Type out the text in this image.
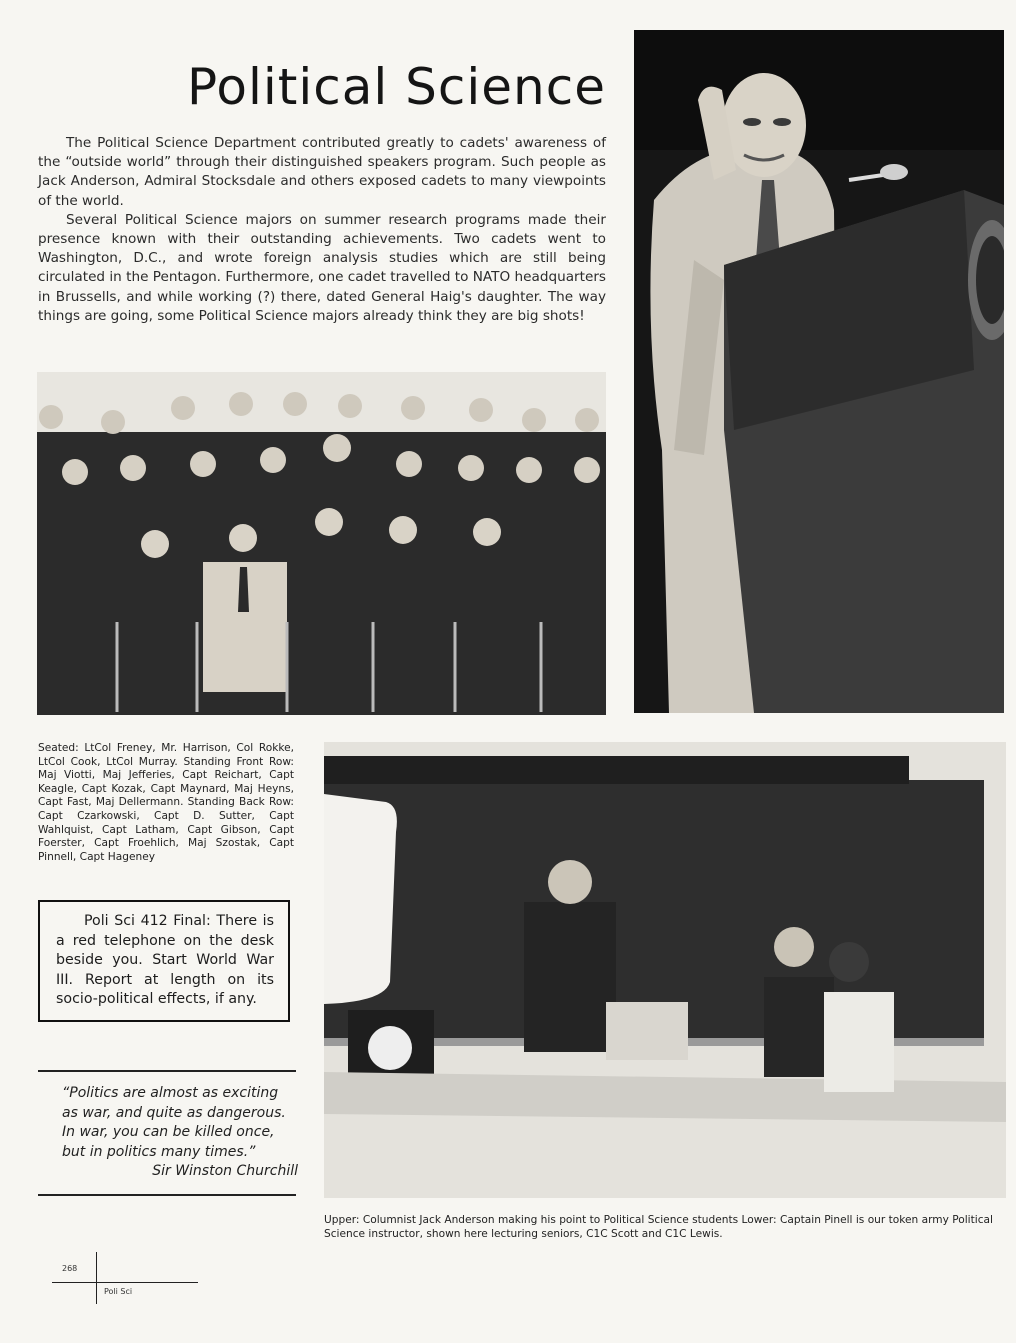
Political Science

The Political Science Department contributed greatly to cadets' awareness of the “outside world” through their distinguished speakers program. Such people as Jack Anderson, Admiral Stocksdale and others exposed cadets to many viewpoints of the world.

Several Political Science majors on summer research programs made their presence known with their outstanding achievements. Two cadets went to Washington, D.C., and wrote foreign analysis studies which are still being circulated in the Pentagon. Furthermore, one cadet travelled to NATO headquarters in Brussells, and while working (?) there, dated General Haig's daughter. The way things are going, some Political Science majors already think they are big shots!

Seated: LtCol Freney, Mr. Harrison, Col Rokke, LtCol Cook, LtCol Murray. Standing Front Row: Maj Viotti, Maj Jefferies, Capt Reichart, Capt Keagle, Capt Kozak, Capt Maynard, Maj Heyns, Capt Fast, Maj Dellermann. Standing Back Row: Capt Czarkowski, Capt D. Sutter, Capt Wahlquist, Capt Latham, Capt Gibson, Capt Foerster, Capt Froehlich, Maj Szostak, Capt Pinnell, Capt Hageney

Poli Sci 412 Final: There is a red telephone on the desk beside you. Start World War III. Report at length on its socio-political effects, if any.

“Politics are almost as exciting
as war, and quite as dangerous.
In war, you can be killed once,
but in politics many times.”
Sir Winston Churchill
Upper: Columnist Jack Anderson making his point to Political Science students Lower: Captain Pinell is our token army Political Science instructor, shown here lecturing seniors, C1C Scott and C1C Lewis.
268
Poli Sci
